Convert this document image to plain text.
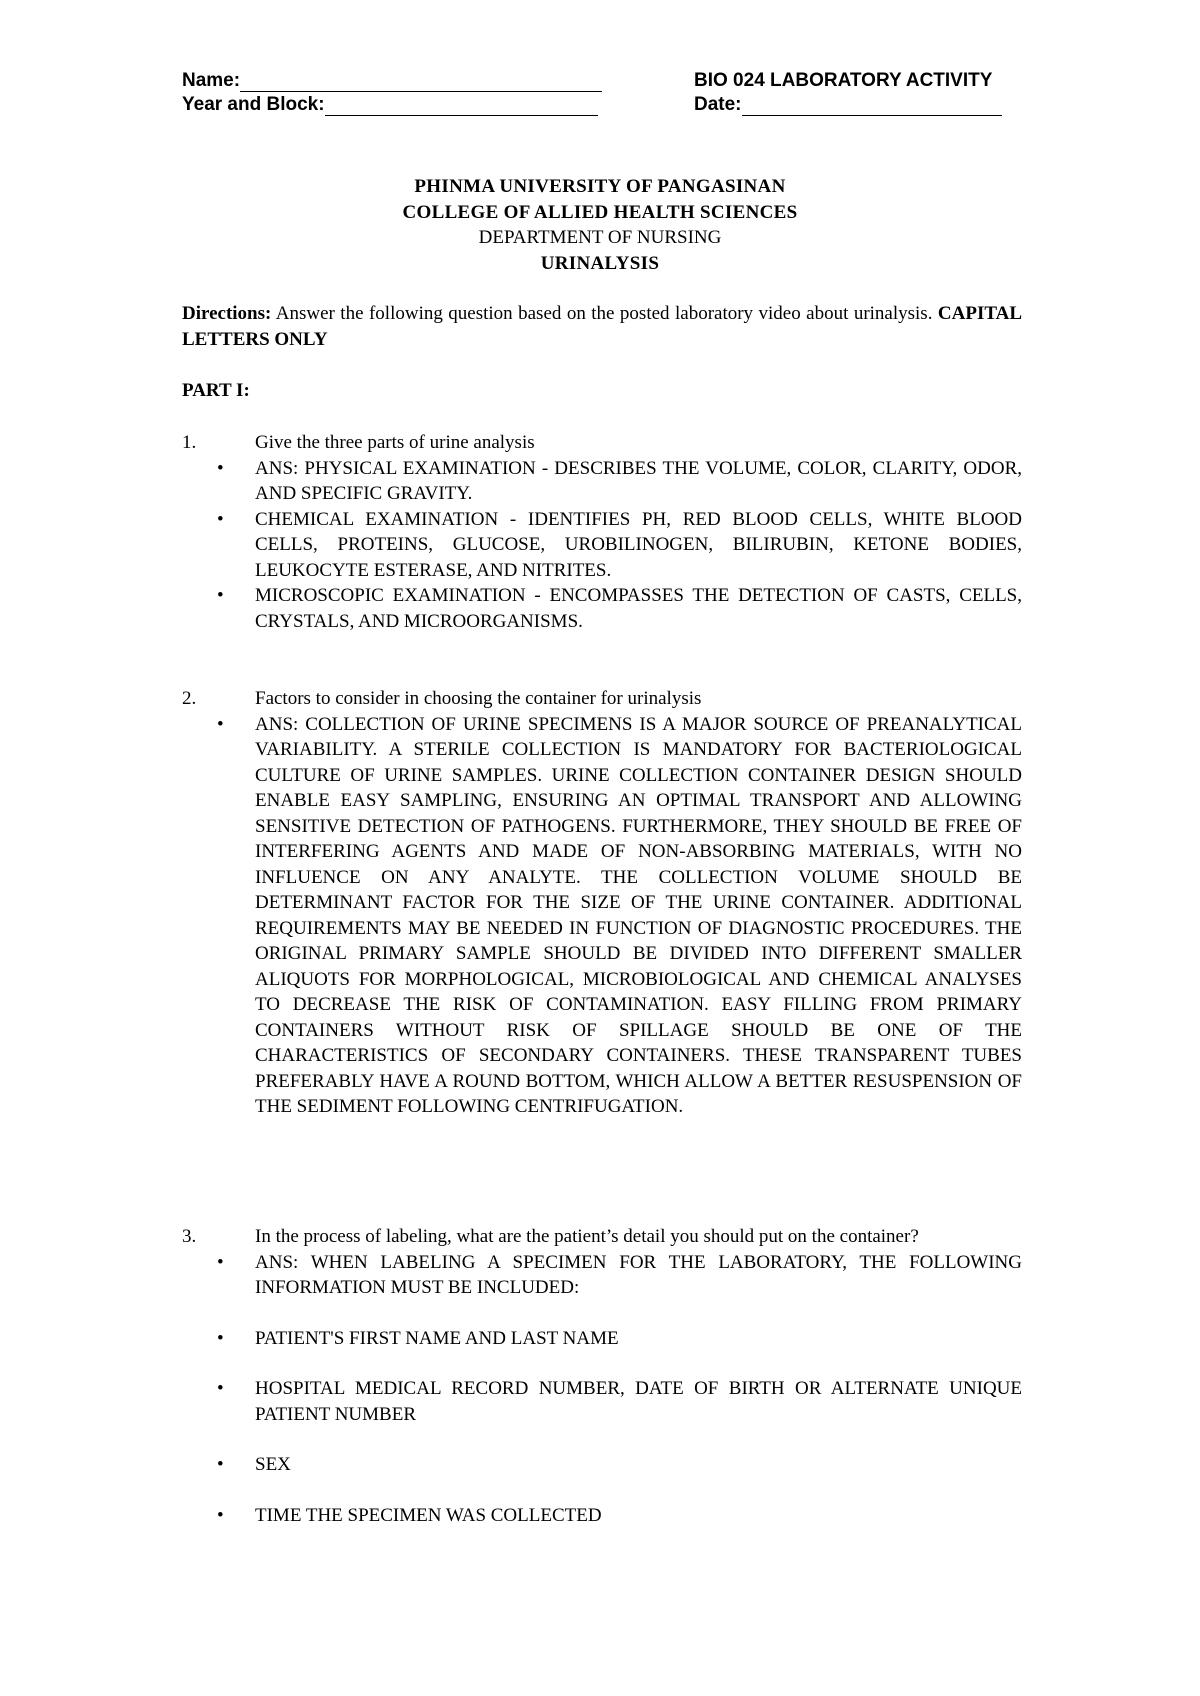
Name:	BIO 024 LABORATORY ACTIVITY
Year and Block:	Date:
PHINMA UNIVERSITY OF PANGASINAN
COLLEGE OF ALLIED HEALTH SCIENCES
DEPARTMENT OF NURSING
URINALYSIS
Directions: Answer the following question based on the posted laboratory video about urinalysis. CAPITAL LETTERS ONLY
PART I:
1.	Give the three parts of urine analysis
• ANS: PHYSICAL EXAMINATION - DESCRIBES THE VOLUME, COLOR, CLARITY, ODOR, AND SPECIFIC GRAVITY.
• CHEMICAL EXAMINATION - IDENTIFIES PH, RED BLOOD CELLS, WHITE BLOOD CELLS, PROTEINS, GLUCOSE, UROBILINOGEN, BILIRUBIN, KETONE BODIES, LEUKOCYTE ESTERASE, AND NITRITES.
• MICROSCOPIC EXAMINATION - ENCOMPASSES THE DETECTION OF CASTS, CELLS, CRYSTALS, AND MICROORGANISMS.
2.	Factors to consider in choosing the container for urinalysis
• ANS: COLLECTION OF URINE SPECIMENS IS A MAJOR SOURCE OF PREANALYTICAL VARIABILITY. A STERILE COLLECTION IS MANDATORY FOR BACTERIOLOGICAL CULTURE OF URINE SAMPLES. URINE COLLECTION CONTAINER DESIGN SHOULD ENABLE EASY SAMPLING, ENSURING AN OPTIMAL TRANSPORT AND ALLOWING SENSITIVE DETECTION OF PATHOGENS. FURTHERMORE, THEY SHOULD BE FREE OF INTERFERING AGENTS AND MADE OF NON-ABSORBING MATERIALS, WITH NO INFLUENCE ON ANY ANALYTE. THE COLLECTION VOLUME SHOULD BE DETERMINANT FACTOR FOR THE SIZE OF THE URINE CONTAINER. ADDITIONAL REQUIREMENTS MAY BE NEEDED IN FUNCTION OF DIAGNOSTIC PROCEDURES. THE ORIGINAL PRIMARY SAMPLE SHOULD BE DIVIDED INTO DIFFERENT SMALLER ALIQUOTS FOR MORPHOLOGICAL, MICROBIOLOGICAL AND CHEMICAL ANALYSES TO DECREASE THE RISK OF CONTAMINATION. EASY FILLING FROM PRIMARY CONTAINERS WITHOUT RISK OF SPILLAGE SHOULD BE ONE OF THE CHARACTERISTICS OF SECONDARY CONTAINERS. THESE TRANSPARENT TUBES PREFERABLY HAVE A ROUND BOTTOM, WHICH ALLOW A BETTER RESUSPENSION OF THE SEDIMENT FOLLOWING CENTRIFUGATION.
3.	In the process of labeling, what are the patient’s detail you should put on the container?
• ANS: WHEN LABELING A SPECIMEN FOR THE LABORATORY, THE FOLLOWING INFORMATION MUST BE INCLUDED:
• PATIENT'S FIRST NAME AND LAST NAME
• HOSPITAL MEDICAL RECORD NUMBER, DATE OF BIRTH OR ALTERNATE UNIQUE PATIENT NUMBER
• SEX
• TIME THE SPECIMEN WAS COLLECTED
